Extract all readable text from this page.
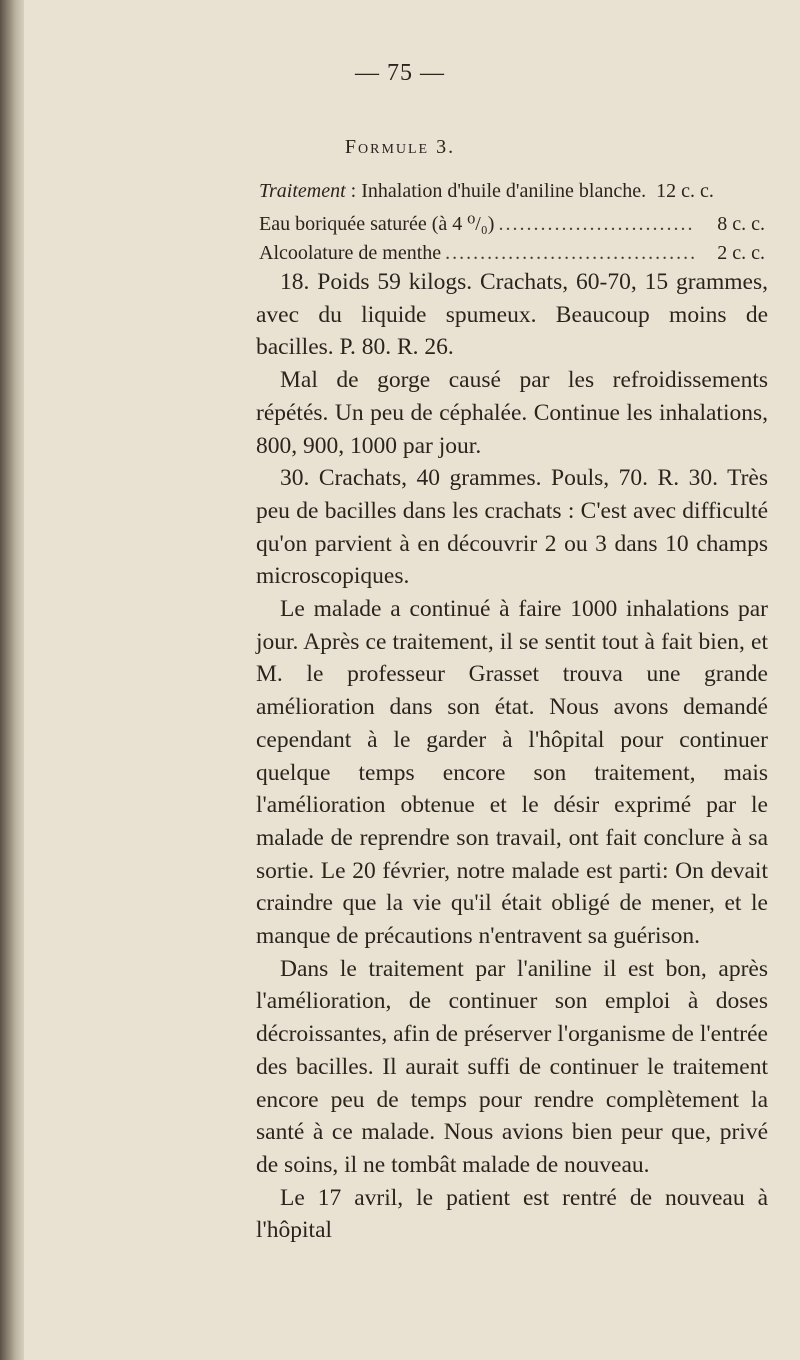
— 75 —
Formule 3.
Traitement : Inhalation d'huile d'aniline blanche. 12 c. c.
Eau boriquée saturée (à 4 ⁰/₀) .....	8 c. c.
Alcoolature de menthe .....	2 c. c.

18. Poids 59 kilogs. Crachats, 60-70, 15 grammes, avec du liquide spumeux. Beaucoup moins de bacilles. P. 80. R. 26.

Mal de gorge causé par les refroidissements répétés. Un peu de céphalée. Continue les inhalations, 800, 900, 1000 par jour.

30. Crachats, 40 grammes. Pouls, 70. R. 30. Très peu de bacilles dans les crachats : C'est avec difficulté qu'on parvient à en découvrir 2 ou 3 dans 10 champs microscopiques.

Le malade a continué à faire 1000 inhalations par jour. Après ce traitement, il se sentit tout à fait bien, et M. le professeur Grasset trouva une grande amélioration dans son état. Nous avons demandé cependant à le garder à l'hôpital pour continuer quelque temps encore son traitement, mais l'amélioration obtenue et le désir exprimé par le malade de reprendre son travail, ont fait conclure à sa sortie. Le 20 février, notre malade est parti: On devait craindre que la vie qu'il était obligé de mener, et le manque de précautions n'entravent sa guérison.

Dans le traitement par l'aniline il est bon, après l'amélioration, de continuer son emploi à doses décroissantes, afin de préserver l'organisme de l'entrée des bacilles. Il aurait suffi de continuer le traitement encore peu de temps pour rendre complètement la santé à ce malade. Nous avions bien peur que, privé de soins, il ne tombât malade de nouveau.

Le 17 avril, le patient est rentré de nouveau à l'hôpital
